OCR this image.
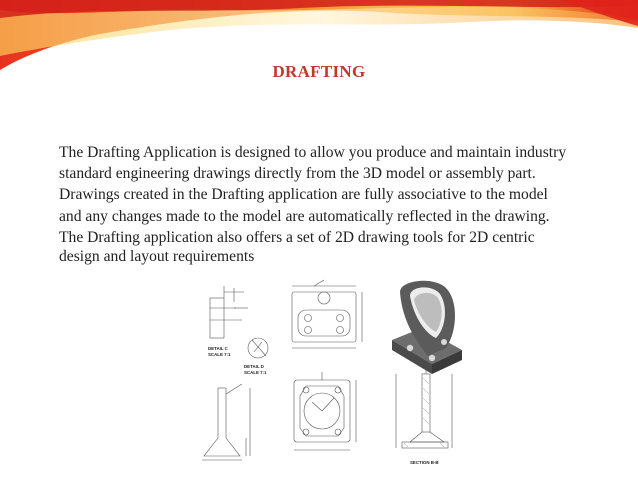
DRAFTING
The Drafting Application is designed to allow you produce and maintain industry
standard engineering drawings directly from the 3D model or assembly part.
Drawings created in the Drafting application are fully associative to the model
and any changes made to the model are automatically reflected in the drawing.
The Drafting application also offers a set of 2D drawing tools for 2D centric
design and layout requirements
DETAIL C
SCALE 7:1
DETAIL D
SCALE 7:1
SECTION B-B
